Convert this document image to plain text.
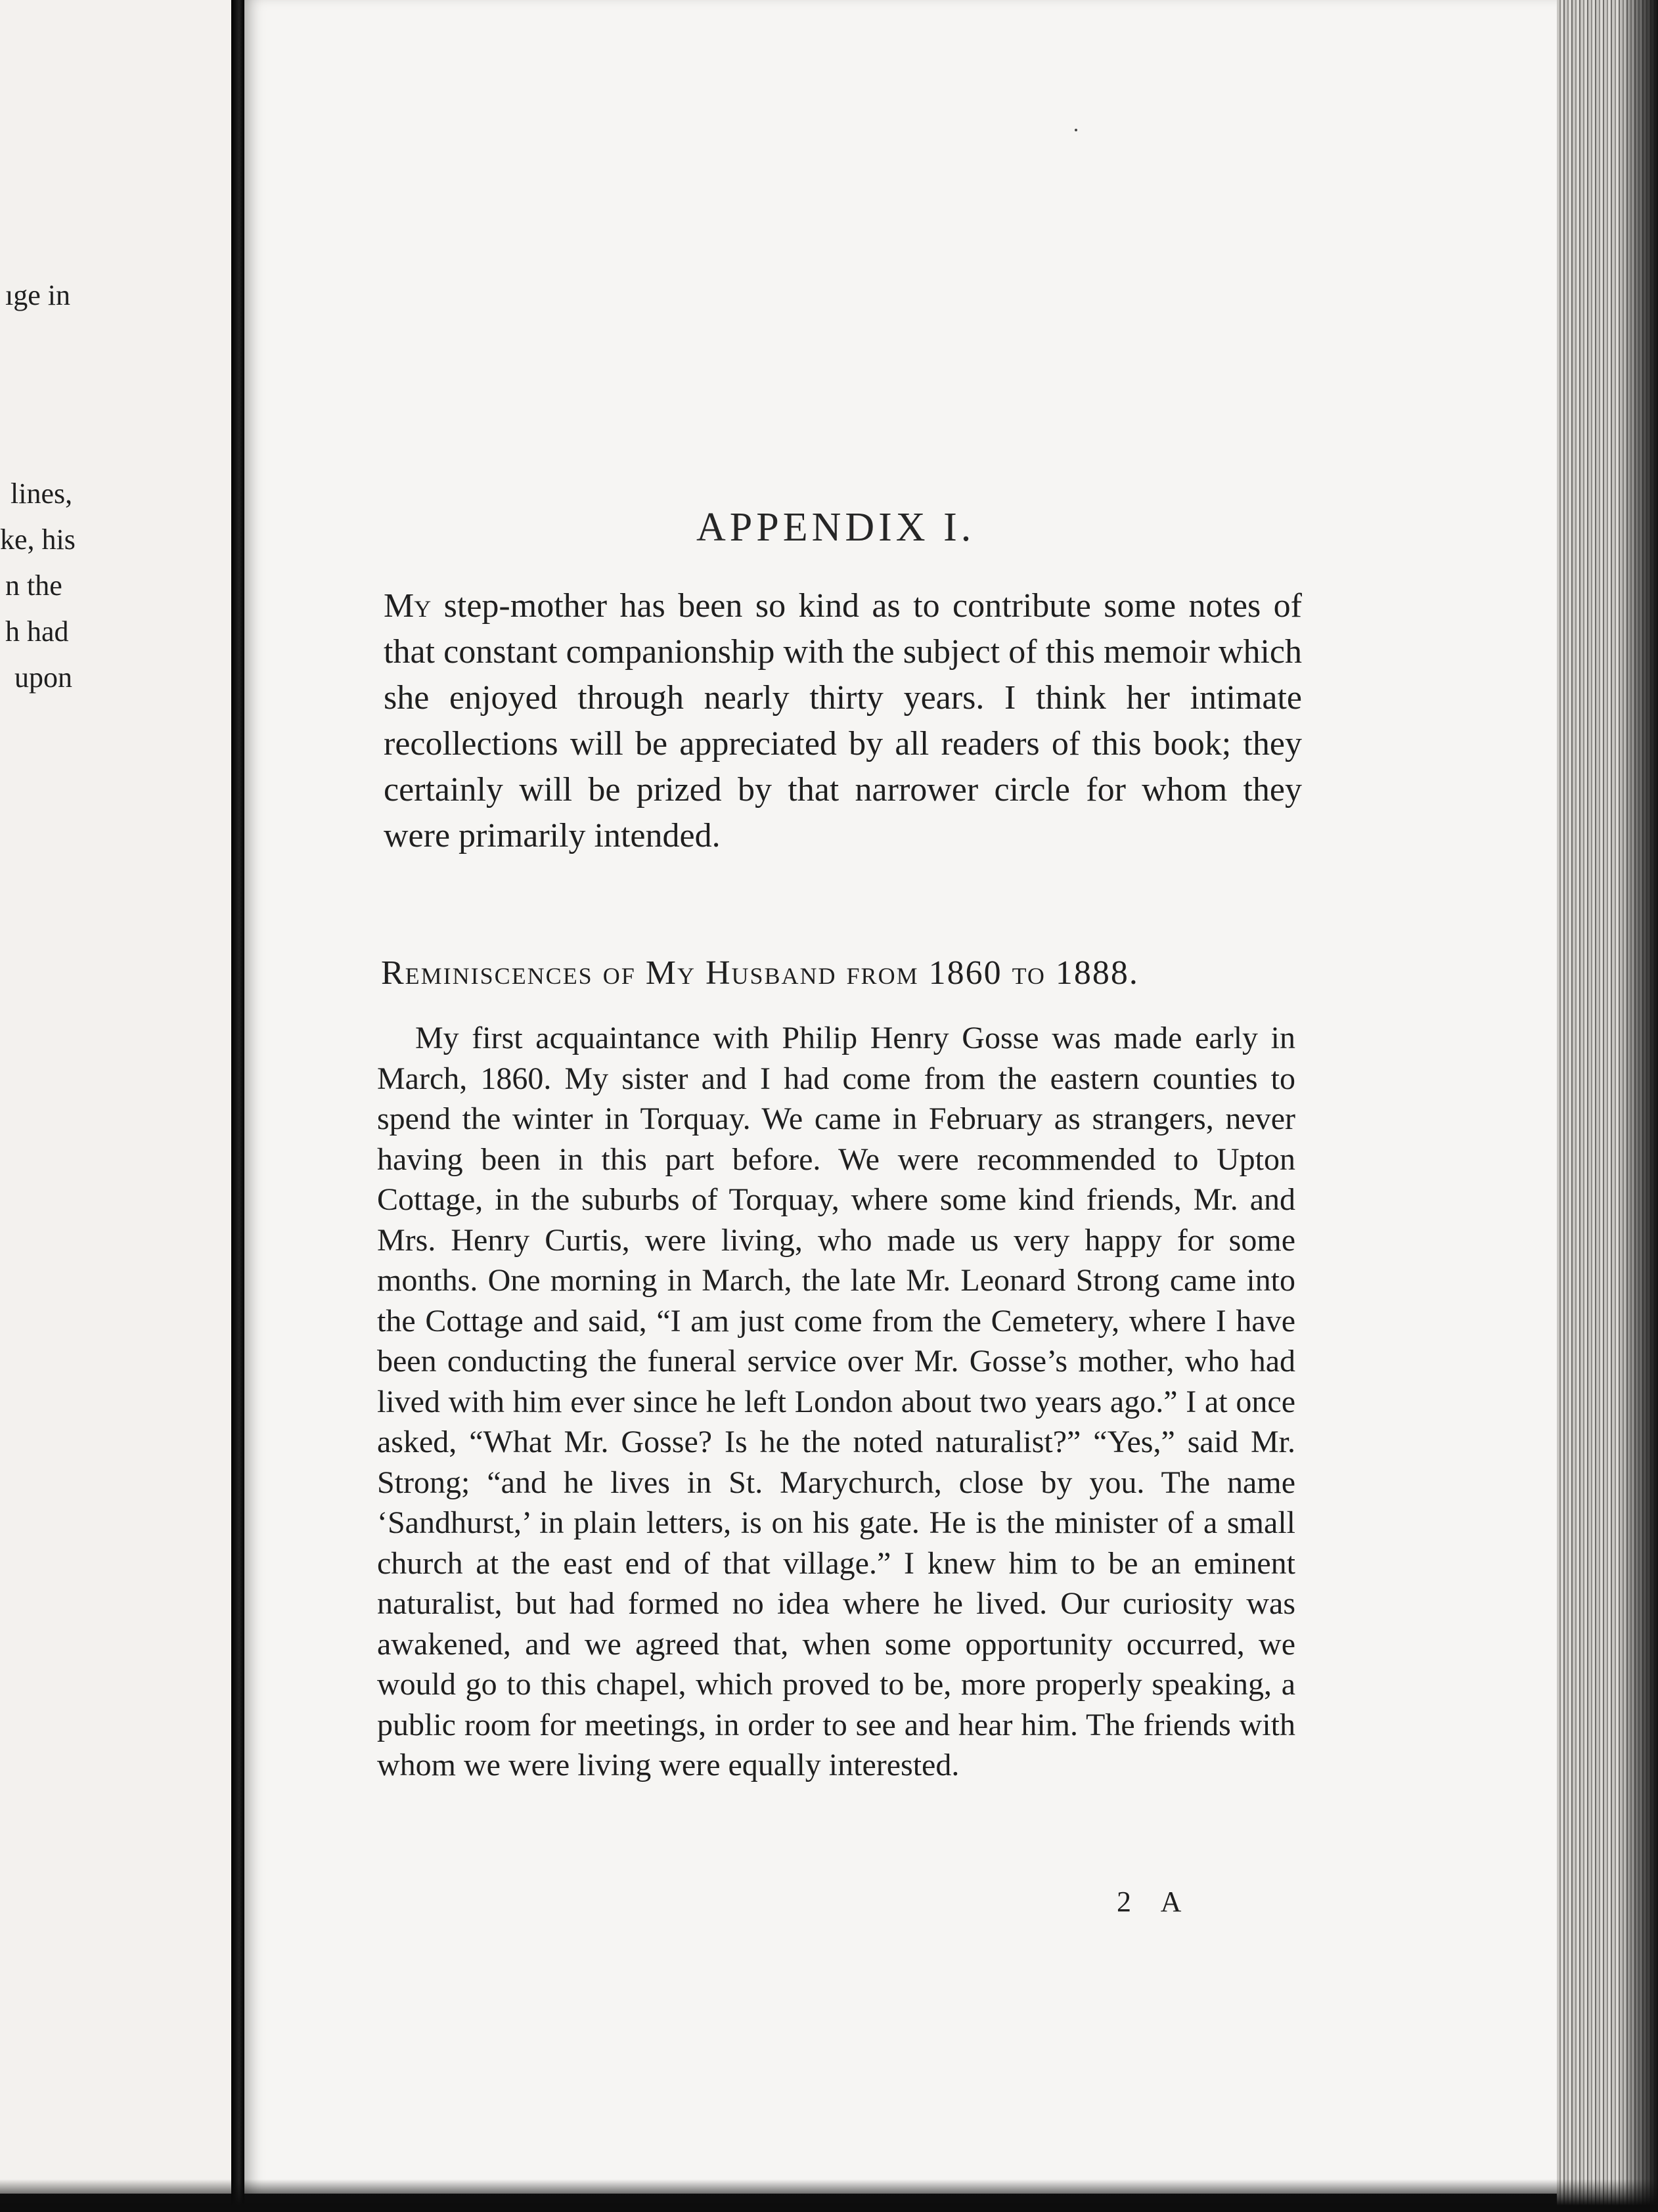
ıge in
lines,
ke, his
n the
h had
upon
APPENDIX I.

My step-mother has been so kind as to contribute some notes of that constant companionship with the subject of this memoir which she enjoyed through nearly thirty years. I think her intimate recollections will be appreciated by all readers of this book; they certainly will be prized by that narrower circle for whom they were primarily intended.

Reminiscences of My Husband from 1860 to 1888.

My first acquaintance with Philip Henry Gosse was made early in March, 1860. My sister and I had come from the eastern counties to spend the winter in Torquay. We came in February as strangers, never having been in this part before. We were recommended to Upton Cottage, in the suburbs of Torquay, where some kind friends, Mr. and Mrs. Henry Curtis, were living, who made us very happy for some months. One morning in March, the late Mr. Leonard Strong came into the Cottage and said, “I am just come from the Cemetery, where I have been conducting the funeral service over Mr. Gosse’s mother, who had lived with him ever since he left London about two years ago.” I at once asked, “What Mr. Gosse? Is he the noted naturalist?” “Yes,” said Mr. Strong; “and he lives in St. Marychurch, close by you. The name ‘Sandhurst,’ in plain letters, is on his gate. He is the minister of a small church at the east end of that village.” I knew him to be an eminent naturalist, but had formed no idea where he lived. Our curiosity was awakened, and we agreed that, when some opportunity occurred, we would go to this chapel, which proved to be, more properly speaking, a public room for meetings, in order to see and hear him. The friends with whom we were living were equally interested.

2 A
